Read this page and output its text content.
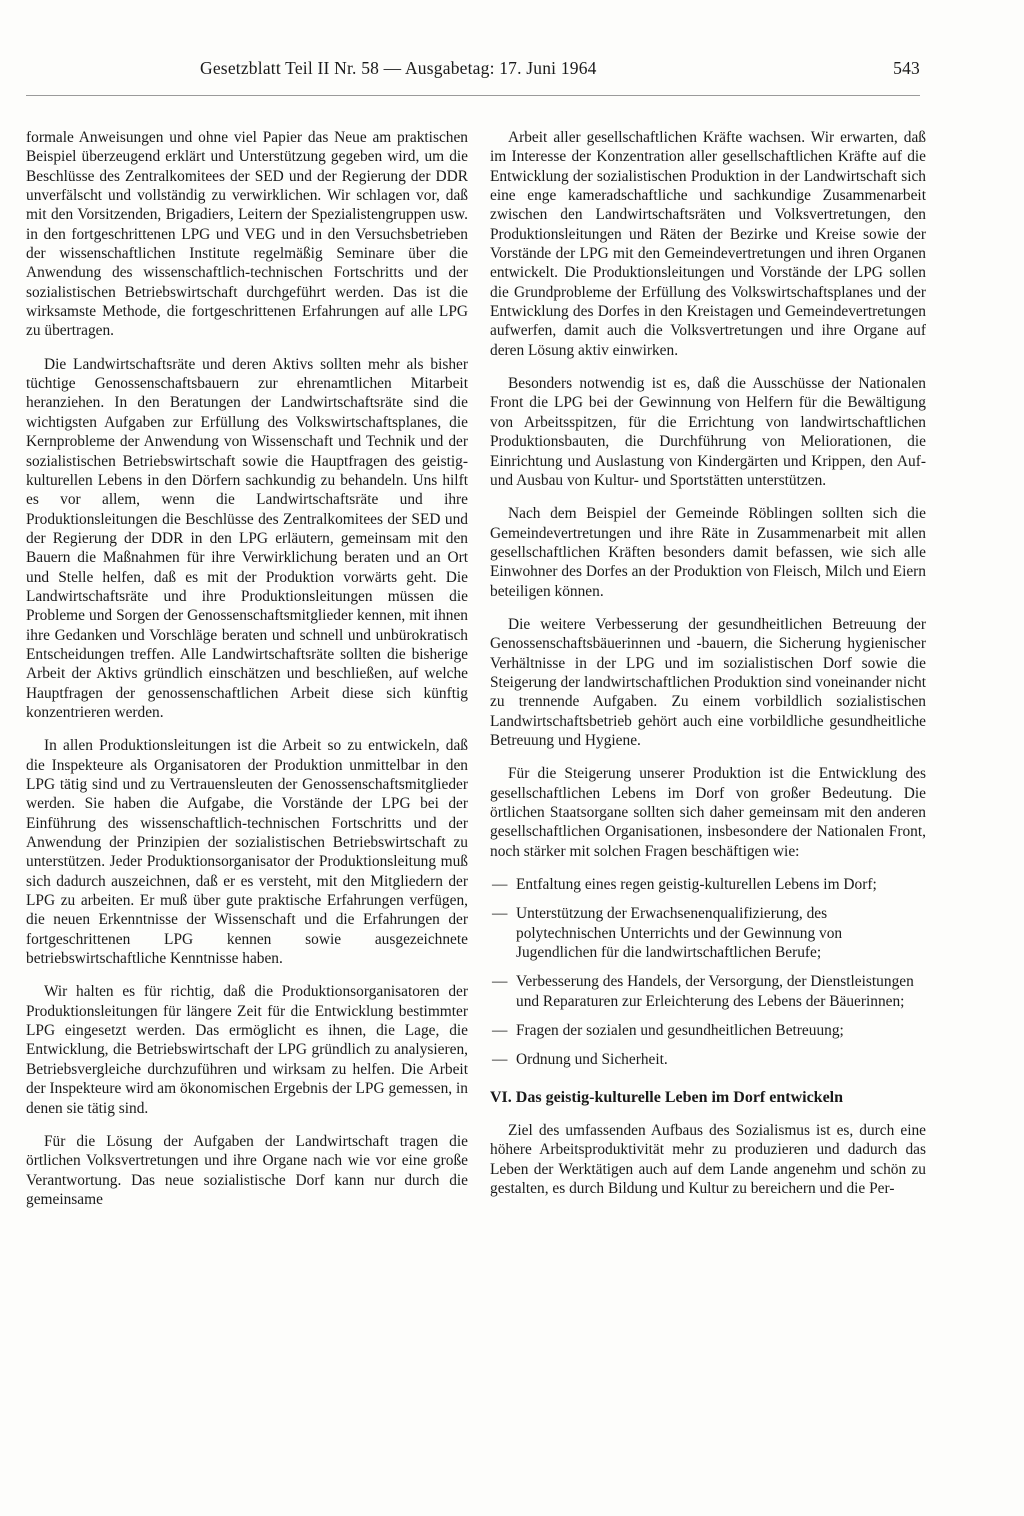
Gesetzblatt Teil II Nr. 58 — Ausgabetag: 17. Juni 1964	543

formale Anweisungen und ohne viel Papier das Neue am praktischen Beispiel überzeugend erklärt und Unterstützung gegeben wird, um die Beschlüsse des Zentralkomitees der SED und der Regierung der DDR unverfälscht und vollständig zu verwirklichen. Wir schlagen vor, daß mit den Vorsitzenden, Brigadiers, Leitern der Spezialistengruppen usw. in den fortgeschrittenen LPG und VEG und in den Versuchsbetrieben der wissenschaftlichen Institute regelmäßig Seminare über die Anwendung des wissenschaftlich-technischen Fortschritts und der sozialistischen Betriebswirtschaft durchgeführt werden. Das ist die wirksamste Methode, die fortgeschrittenen Erfahrungen auf alle LPG zu übertragen.

Die Landwirtschaftsräte und deren Aktivs sollten mehr als bisher tüchtige Genossenschaftsbauern zur ehrenamtlichen Mitarbeit heranziehen. In den Beratungen der Landwirtschaftsräte sind die wichtigsten Aufgaben zur Erfüllung des Volkswirtschaftsplanes, die Kernprobleme der Anwendung von Wissenschaft und Technik und der sozialistischen Betriebswirtschaft sowie die Hauptfragen des geistig-kulturellen Lebens in den Dörfern sachkundig zu behandeln. Uns hilft es vor allem, wenn die Landwirtschaftsräte und ihre Produktionsleitungen die Beschlüsse des Zentralkomitees der SED und der Regierung der DDR in den LPG erläutern, gemeinsam mit den Bauern die Maßnahmen für ihre Verwirklichung beraten und an Ort und Stelle helfen, daß es mit der Produktion vorwärts geht. Die Landwirtschaftsräte und ihre Produktionsleitungen müssen die Probleme und Sorgen der Genossenschaftsmitglieder kennen, mit ihnen ihre Gedanken und Vorschläge beraten und schnell und unbürokratisch Entscheidungen treffen. Alle Landwirtschaftsräte sollten die bisherige Arbeit der Aktivs gründlich einschätzen und beschließen, auf welche Hauptfragen der genossenschaftlichen Arbeit diese sich künftig konzentrieren werden.

In allen Produktionsleitungen ist die Arbeit so zu entwickeln, daß die Inspekteure als Organisatoren der Produktion unmittelbar in den LPG tätig sind und zu Vertrauensleuten der Genossenschaftsmitglieder werden. Sie haben die Aufgabe, die Vorstände der LPG bei der Einführung des wissenschaftlich-technischen Fortschritts und der Anwendung der Prinzipien der sozialistischen Betriebswirtschaft zu unterstützen. Jeder Produktionsorganisator der Produktionsleitung muß sich dadurch auszeichnen, daß er es versteht, mit den Mitgliedern der LPG zu arbeiten. Er muß über gute praktische Erfahrungen verfügen, die neuen Erkenntnisse der Wissenschaft und die Erfahrungen der fortgeschrittenen LPG kennen sowie ausgezeichnete betriebswirtschaftliche Kenntnisse haben.

Wir halten es für richtig, daß die Produktionsorganisatoren der Produktionsleitungen für längere Zeit für die Entwicklung bestimmter LPG eingesetzt werden. Das ermöglicht es ihnen, die Lage, die Entwicklung, die Betriebswirtschaft der LPG gründlich zu analysieren, Betriebsvergleiche durchzuführen und wirksam zu helfen. Die Arbeit der Inspekteure wird am ökonomischen Ergebnis der LPG gemessen, in denen sie tätig sind.

Für die Lösung der Aufgaben der Landwirtschaft tragen die örtlichen Volksvertretungen und ihre Organe nach wie vor eine große Verantwortung. Das neue sozialistische Dorf kann nur durch die gemeinsame

Arbeit aller gesellschaftlichen Kräfte wachsen. Wir erwarten, daß im Interesse der Konzentration aller gesellschaftlichen Kräfte auf die Entwicklung der sozialistischen Produktion in der Landwirtschaft sich eine enge kameradschaftliche und sachkundige Zusammenarbeit zwischen den Landwirtschaftsräten und Volksvertretungen, den Produktionsleitungen und Räten der Bezirke und Kreise sowie der Vorstände der LPG mit den Gemeindevertretungen und ihren Organen entwickelt. Die Produktionsleitungen und Vorstände der LPG sollen die Grundprobleme der Erfüllung des Volkswirtschaftsplanes und der Entwicklung des Dorfes in den Kreistagen und Gemeindevertretungen aufwerfen, damit auch die Volksvertretungen und ihre Organe auf deren Lösung aktiv einwirken.

Besonders notwendig ist es, daß die Ausschüsse der Nationalen Front die LPG bei der Gewinnung von Helfern für die Bewältigung von Arbeitsspitzen, für die Errichtung von landwirtschaftlichen Produktionsbauten, die Durchführung von Meliorationen, die Einrichtung und Auslastung von Kindergärten und Krippen, den Auf- und Ausbau von Kultur- und Sportstätten unterstützen.

Nach dem Beispiel der Gemeinde Röblingen sollten sich die Gemeindevertretungen und ihre Räte in Zusammenarbeit mit allen gesellschaftlichen Kräften besonders damit befassen, wie sich alle Einwohner des Dorfes an der Produktion von Fleisch, Milch und Eiern beteiligen können.

Die weitere Verbesserung der gesundheitlichen Betreuung der Genossenschaftsbäuerinnen und -bauern, die Sicherung hygienischer Verhältnisse in der LPG und im sozialistischen Dorf sowie die Steigerung der landwirtschaftlichen Produktion sind voneinander nicht zu trennende Aufgaben. Zu einem vorbildlich sozialistischen Landwirtschaftsbetrieb gehört auch eine vorbildliche gesundheitliche Betreuung und Hygiene.

Für die Steigerung unserer Produktion ist die Entwicklung des gesellschaftlichen Lebens im Dorf von großer Bedeutung. Die örtlichen Staatsorgane sollten sich daher gemeinsam mit den anderen gesellschaftlichen Organisationen, insbesondere der Nationalen Front, noch stärker mit solchen Fragen beschäftigen wie:

— Entfaltung eines regen geistig-kulturellen Lebens im Dorf;
— Unterstützung der Erwachsenenqualifizierung, des polytechnischen Unterrichts und der Gewinnung von Jugendlichen für die landwirtschaftlichen Berufe;
— Verbesserung des Handels, der Versorgung, der Dienstleistungen und Reparaturen zur Erleichterung des Lebens der Bäuerinnen;
— Fragen der sozialen und gesundheitlichen Betreuung;
— Ordnung und Sicherheit.
VI. Das geistig-kulturelle Leben im Dorf entwickeln

Ziel des umfassenden Aufbaus des Sozialismus ist es, durch eine höhere Arbeitsproduktivität mehr zu produzieren und dadurch das Leben der Werktätigen auch auf dem Lande angenehm und schön zu gestalten, es durch Bildung und Kultur zu bereichern und die Per-
